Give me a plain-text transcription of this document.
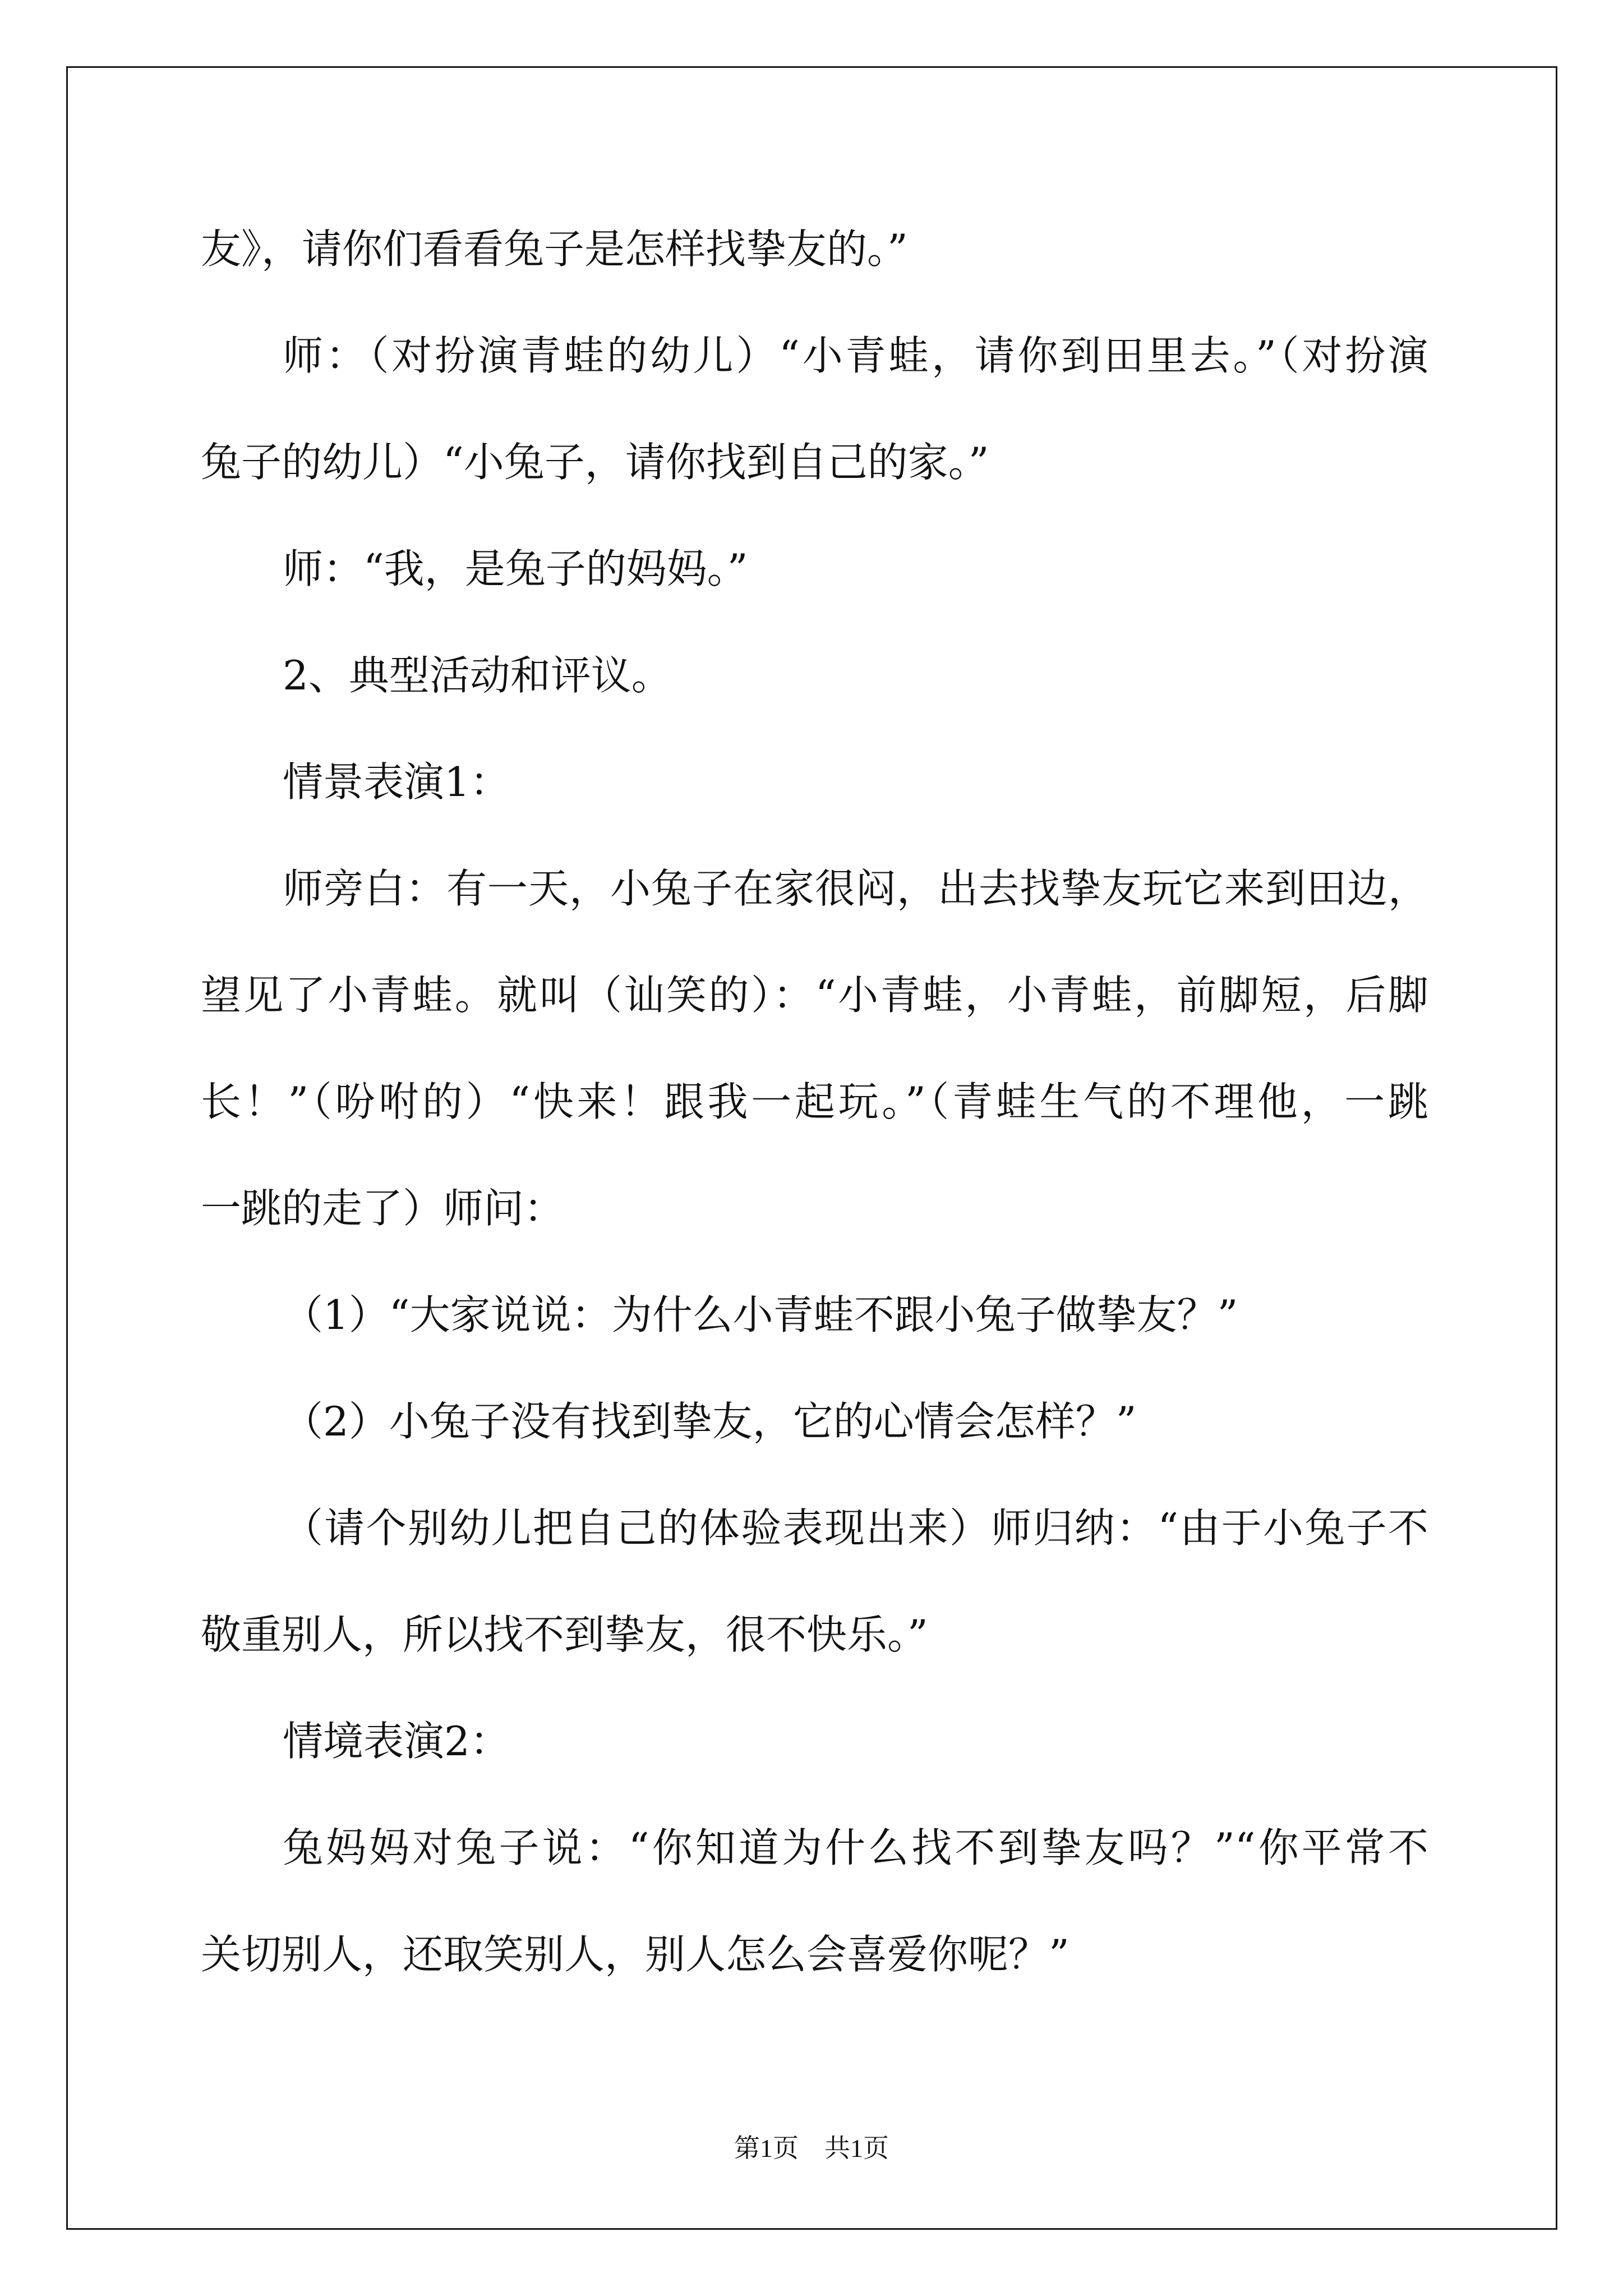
友》，请你们看看兔子是怎样找挚友的。”
师：（对扮演青蛙的幼儿）“小青蛙，请你到田里去。”（对扮演
兔子的幼儿）“小兔子，请你找到自己的家。”
师：“我，是兔子的妈妈。”
2、典型活动和评议。
情景表演1：
师旁白：有一天，小兔子在家很闷，出去找挚友玩它来到田边，
望见了小青蛙。就叫（讪笑的）：“小青蛙，小青蛙，前脚短，后脚
长！”（吩咐的）“快来！跟我一起玩。”（青蛙生气的不理他，一跳
一跳的走了）师问：
（1）“大家说说：为什么小青蛙不跟小兔子做挚友？”
（2）小兔子没有找到挚友，它的心情会怎样？”
（请个别幼儿把自己的体验表现出来）师归纳：“由于小兔子不
敬重别人，所以找不到挚友，很不快乐。”
情境表演2：
兔妈妈对兔子说：“你知道为什么找不到挚友吗？”“你平常不
关切别人，还取笑别人，别人怎么会喜爱你呢？”
第1页　共1页
